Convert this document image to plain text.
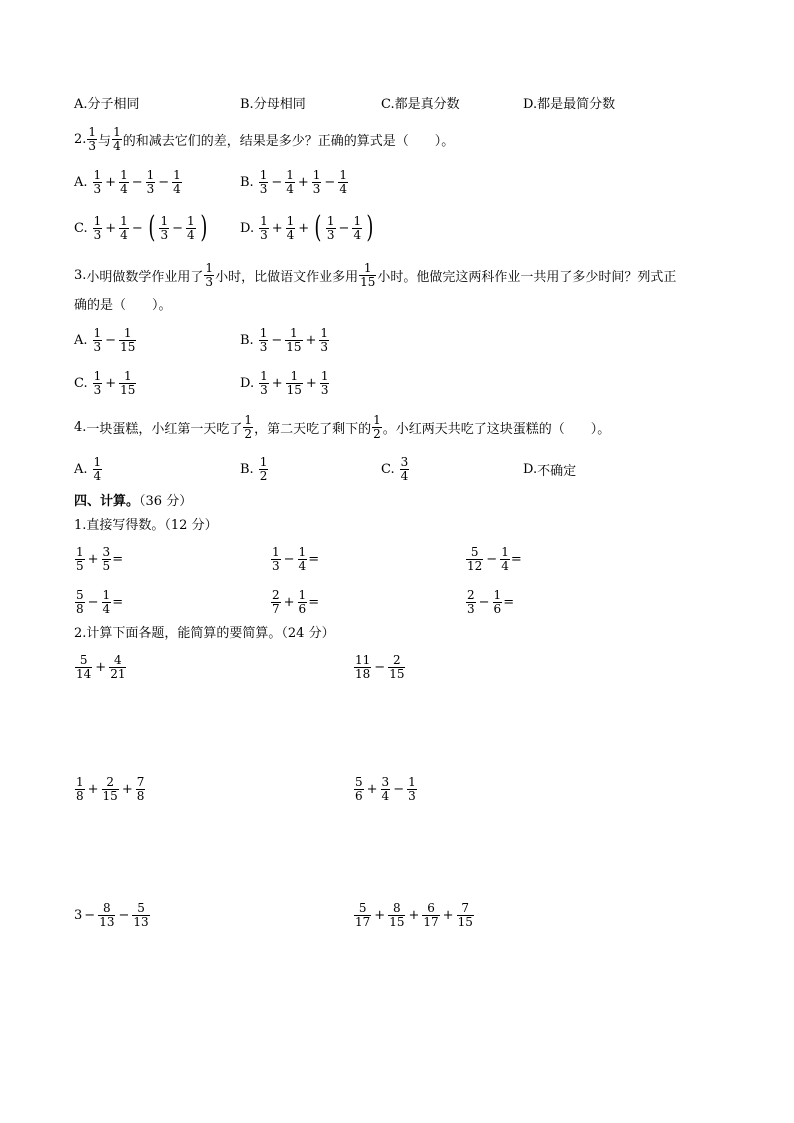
A.分子相同	B.分母相同	C.都是真分数	D.都是最简分数
2. $\frac{1}{3}$ 与 $\frac{1}{4}$ 的和减去它们的差，结果是多少？正确的算式是（　　）。
A. $\frac{1}{3} + \frac{1}{4} - \frac{1}{3} - \frac{1}{4}$	B. $\frac{1}{3} - \frac{1}{4} + \frac{1}{3} - \frac{1}{4}$
C. $\frac{1}{3} + \frac{1}{4}$ − ( $\frac{1}{3} - \frac{1}{4}$ )	D. $\frac{1}{3} + \frac{1}{4}$ + ( $\frac{1}{3} - \frac{1}{4}$ )
3. 小明做数学作业用了 $\frac{1}{3}$ 小时，比做语文作业多用 $\frac{1}{15}$ 小时。他做完这两科作业一共用了多少时间？列式正
确的是（　　）。
A. $\frac{1}{3} - \frac{1}{15}$	B. $\frac{1}{3} - \frac{1}{15} + \frac{1}{3}$
C. $\frac{1}{3} + \frac{1}{15}$	D. $\frac{1}{3} + \frac{1}{15} + \frac{1}{3}$
4. 一块蛋糕，小红第一天吃了 $\frac{1}{2}$ ，第二天吃了剩下的 $\frac{1}{2}$ 。小红两天共吃了这块蛋糕的（　　）。
A. $\frac{1}{4}$	B. $\frac{1}{2}$	C. $\frac{3}{4}$	D. 不确定
四、计算。（36 分）
1.直接写得数。（12 分）
$\frac{1}{5} + \frac{3}{5}$ =	$\frac{1}{3} - \frac{1}{4}$ =	$\frac{5}{12} - \frac{1}{4}$ =
$\frac{5}{8} - \frac{1}{4}$ =	$\frac{2}{7} + \frac{1}{6}$ =	$\frac{2}{3} - \frac{1}{6}$ =
2.计算下面各题，能简算的要简算。（24 分）
$\frac{5}{14} + \frac{4}{21}$	$\frac{11}{18} - \frac{2}{15}$
$\frac{1}{8} + \frac{2}{15} + \frac{7}{8}$	$\frac{5}{6} + \frac{3}{4} - \frac{1}{3}$
$3 - \frac{8}{13} - \frac{5}{13}$	$\frac{5}{17} + \frac{8}{15} + \frac{6}{17} + \frac{7}{15}$
